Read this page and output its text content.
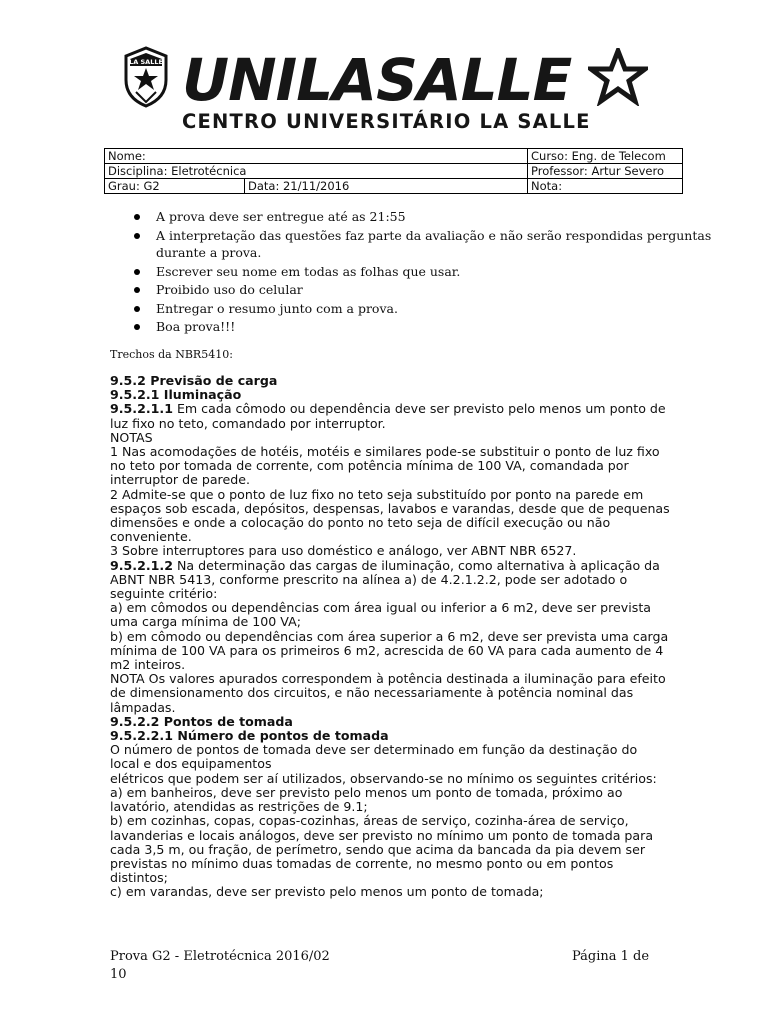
LA SALLE UNILASALLE
CENTRO UNIVERSITÁRIO LA SALLE
Nome:		Curso: Eng. de Telecom
Disciplina: Eletrotécnica		Professor: Artur Severo
Grau: G2	Data: 21/11/2016	Nota:
A prova deve ser entregue até as 21:55
A interpretação das questões faz parte da avaliação e não serão respondidas perguntas durante a prova.
Escrever seu nome em todas as folhas que usar.
Proibido uso do celular
Entregar o resumo junto com a prova.
Boa prova!!!
Trechos da NBR5410:

9.5.2 Previsão de carga

9.5.2.1 Iluminação

9.5.2.1.1 Em cada cômodo ou dependência deve ser previsto pelo menos um ponto de luz fixo no teto, comandado por interruptor.

NOTAS

1 Nas acomodações de hotéis, motéis e similares pode-se substituir o ponto de luz fixo no teto por tomada de corrente, com potência mínima de 100 VA, comandada por interruptor de parede.

2 Admite-se que o ponto de luz fixo no teto seja substituído por ponto na parede em espaços sob escada, depósitos, despensas, lavabos e varandas, desde que de pequenas dimensões e onde a colocação do ponto no teto seja de difícil execução ou não conveniente.

3 Sobre interruptores para uso doméstico e análogo, ver ABNT NBR 6527.

9.5.2.1.2 Na determinação das cargas de iluminação, como alternativa à aplicação da ABNT NBR 5413, conforme prescrito na alínea a) de 4.2.1.2.2, pode ser adotado o seguinte critério:

a) em cômodos ou dependências com área igual ou inferior a 6 m2, deve ser prevista uma carga mínima de 100 VA;

b) em cômodo ou dependências com área superior a 6 m2, deve ser prevista uma carga mínima de 100 VA para os primeiros 6 m2, acrescida de 60 VA para cada aumento de 4 m2 inteiros.

NOTA Os valores apurados correspondem à potência destinada a iluminação para efeito de dimensionamento dos circuitos, e não necessariamente à potência nominal das lâmpadas.

9.5.2.2 Pontos de tomada

9.5.2.2.1 Número de pontos de tomada

O número de pontos de tomada deve ser determinado em função da destinação do local e dos equipamentos

elétricos que podem ser aí utilizados, observando-se no mínimo os seguintes critérios:

a) em banheiros, deve ser previsto pelo menos um ponto de tomada, próximo ao lavatório, atendidas as restrições de 9.1;

b) em cozinhas, copas, copas-cozinhas, áreas de serviço, cozinha-área de serviço, lavanderias e locais análogos, deve ser previsto no mínimo um ponto de tomada para cada 3,5 m, ou fração, de perímetro, sendo que acima da bancada da pia devem ser previstas no mínimo duas tomadas de corrente, no mesmo ponto ou em pontos distintos;

c) em varandas, deve ser previsto pelo menos um ponto de tomada;

Prova G2 - Eletrotécnica 2016/02
10
Página 1 de
